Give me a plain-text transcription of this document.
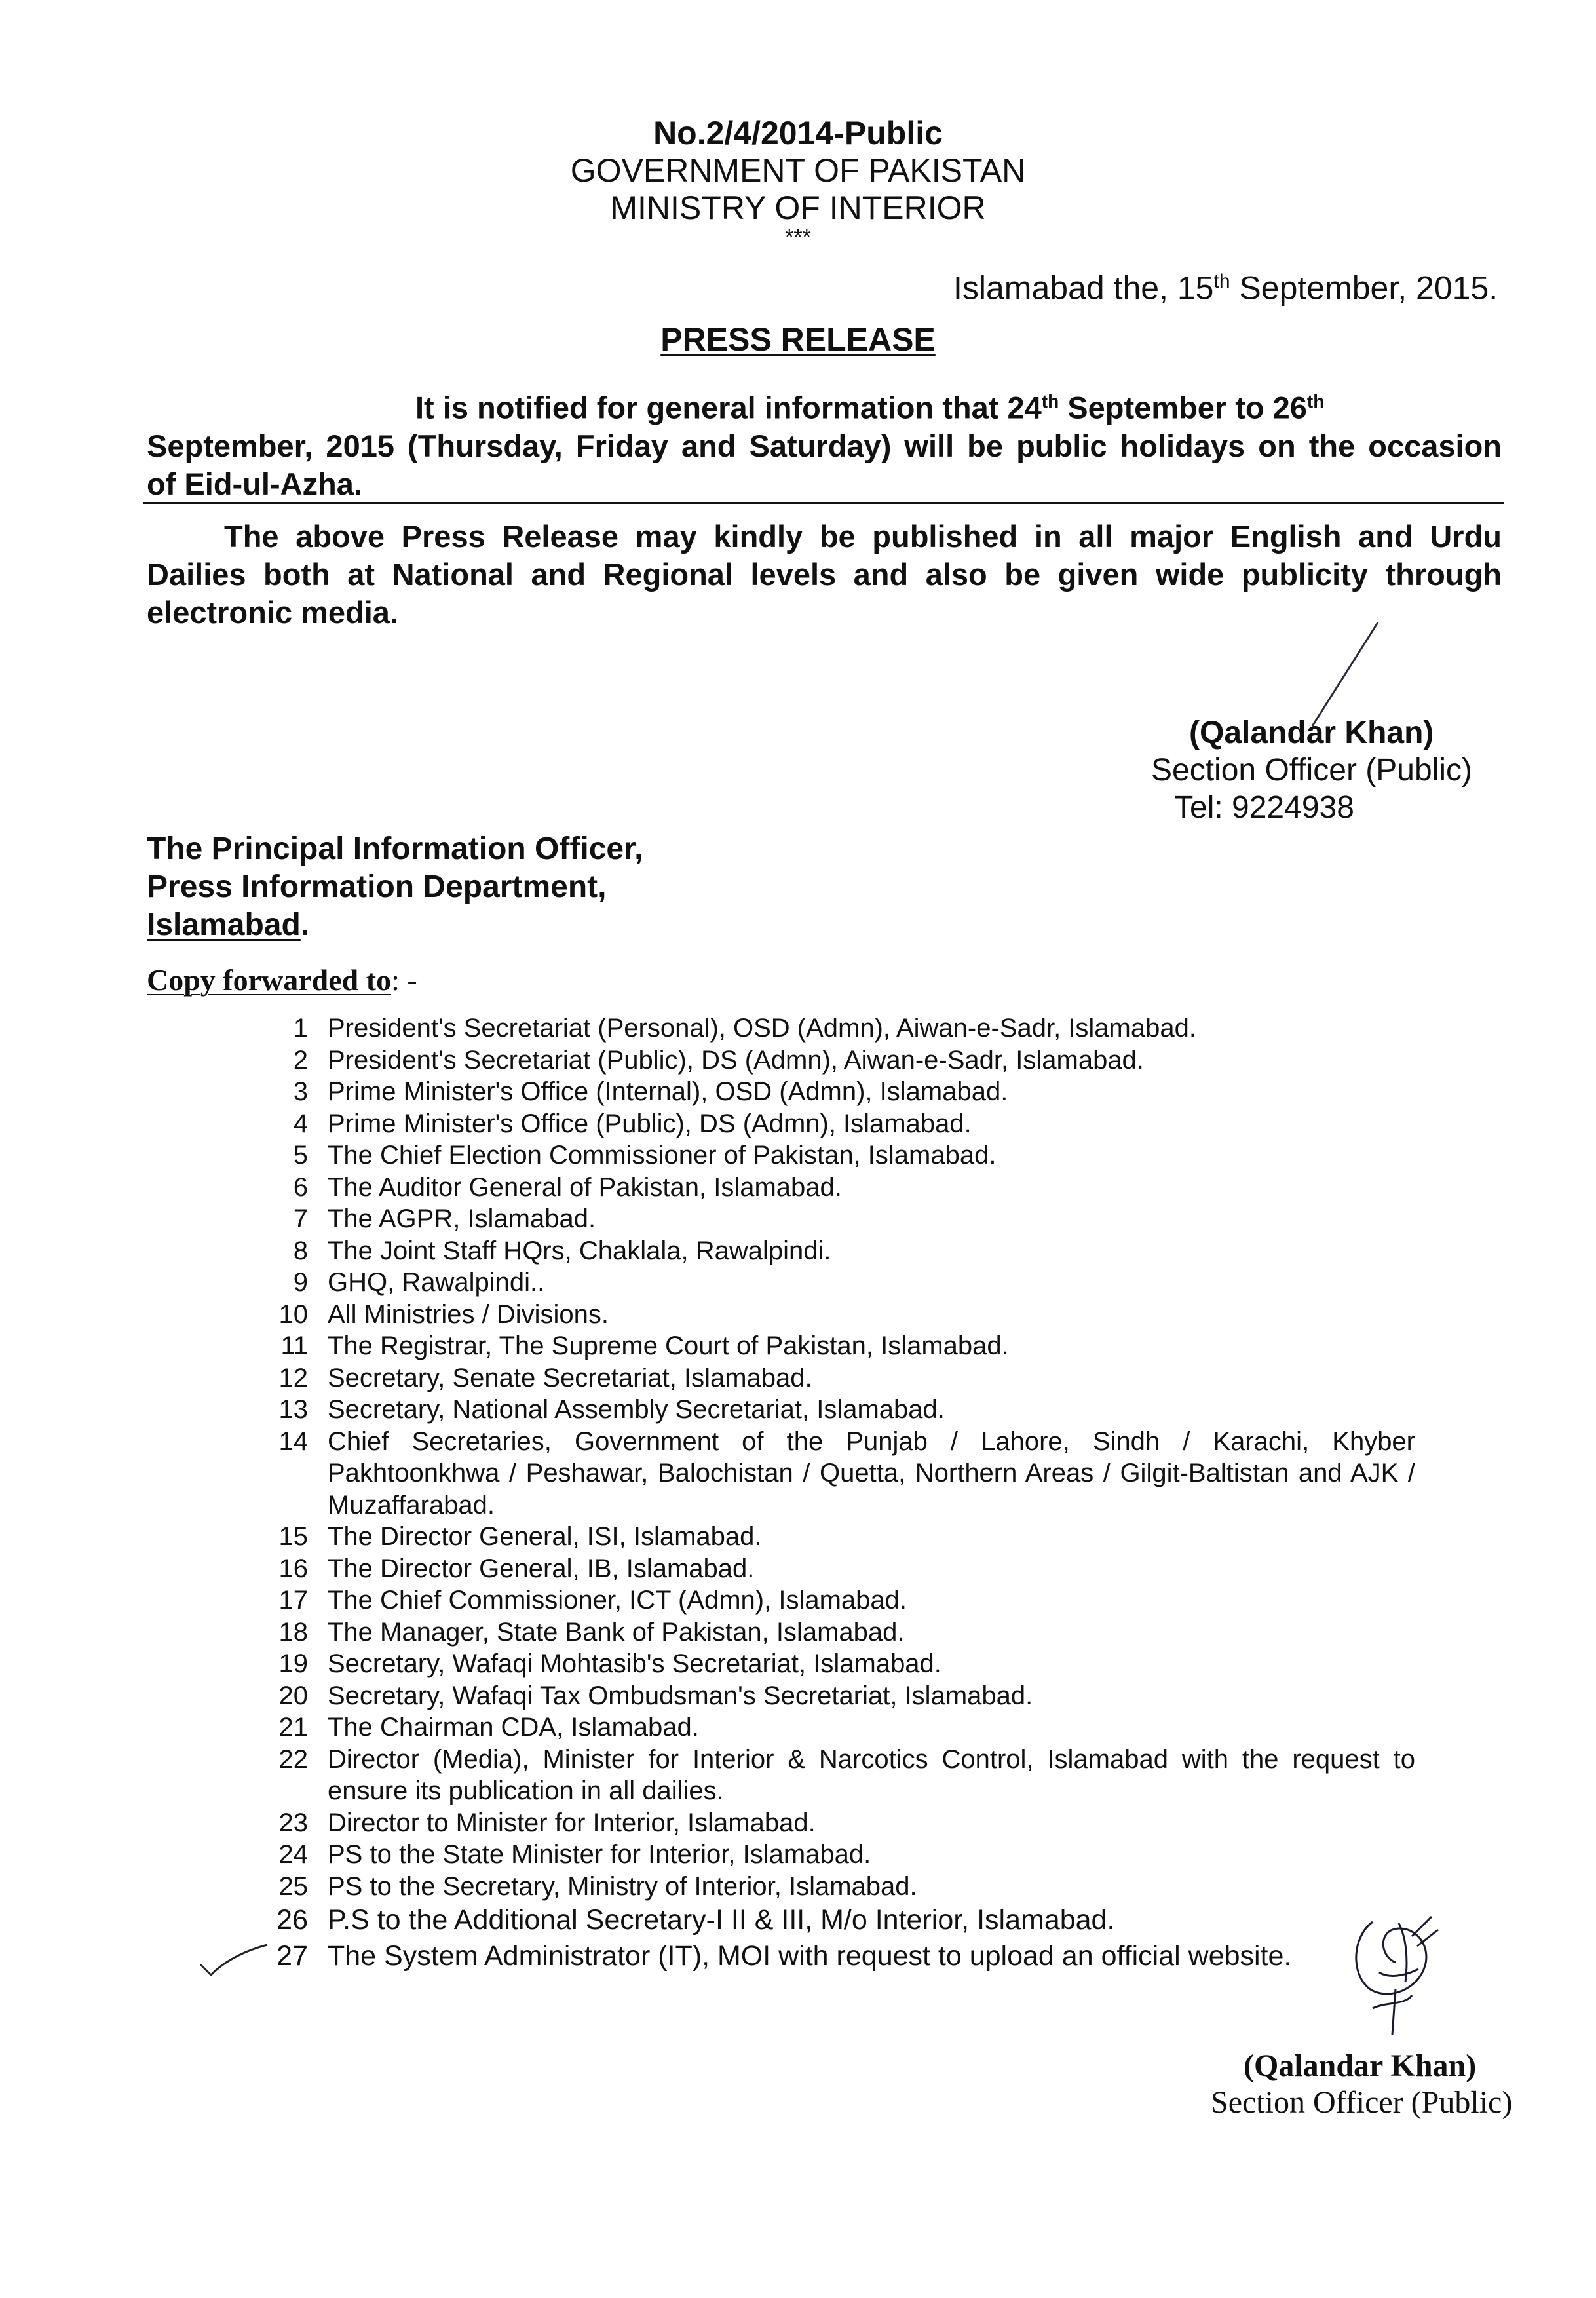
No.2/4/2014-Public
GOVERNMENT OF PAKISTAN
MINISTRY OF INTERIOR
***
Islamabad the, 15th September, 2015.
PRESS RELEASE
It is notified for general information that 24th September to 26th
September, 2015 (Thursday, Friday and Saturday) will be public holidays on the occasion
of Eid-ul-Azha.
The above Press Release may kindly be published in all major English and Urdu Dailies both at National and Regional levels and also be given wide publicity through electronic media.
(Qalandar Khan)
Section Officer (Public)
Tel: 9224938
The Principal Information Officer,
Press Information Department,
Islamabad.
Copy forwarded to: -
1 President's Secretariat (Personal), OSD (Admn), Aiwan-e-Sadr, Islamabad.
2 President's Secretariat (Public), DS (Admn), Aiwan-e-Sadr, Islamabad.
3 Prime Minister's Office (Internal), OSD (Admn), Islamabad.
4 Prime Minister's Office (Public), DS (Admn), Islamabad.
5 The Chief Election Commissioner of Pakistan, Islamabad.
6 The Auditor General of Pakistan, Islamabad.
7 The AGPR, Islamabad.
8 The Joint Staff HQrs, Chaklala, Rawalpindi.
9 GHQ, Rawalpindi..
10 All Ministries / Divisions.
11 The Registrar, The Supreme Court of Pakistan, Islamabad.
12 Secretary, Senate Secretariat, Islamabad.
13 Secretary, National Assembly Secretariat, Islamabad.
14 Chief Secretaries, Government of the Punjab / Lahore, Sindh / Karachi, Khyber Pakhtoonkhwa / Peshawar, Balochistan / Quetta, Northern Areas / Gilgit-Baltistan and AJK / Muzaffarabad.
15 The Director General, ISI, Islamabad.
16 The Director General, IB, Islamabad.
17 The Chief Commissioner, ICT (Admn), Islamabad.
18 The Manager, State Bank of Pakistan, Islamabad.
19 Secretary, Wafaqi Mohtasib's Secretariat, Islamabad.
20 Secretary, Wafaqi Tax Ombudsman's Secretariat, Islamabad.
21 The Chairman CDA, Islamabad.
22 Director (Media), Minister for Interior & Narcotics Control, Islamabad with the request to ensure its publication in all dailies.
23 Director to Minister for Interior, Islamabad.
24 PS to the State Minister for Interior, Islamabad.
25 PS to the Secretary, Ministry of Interior, Islamabad.
26 P.S to the Additional Secretary-I II & III, M/o Interior, Islamabad.
27 The System Administrator (IT), MOI with request to upload an official website.
(Qalandar Khan)
Section Officer (Public)
